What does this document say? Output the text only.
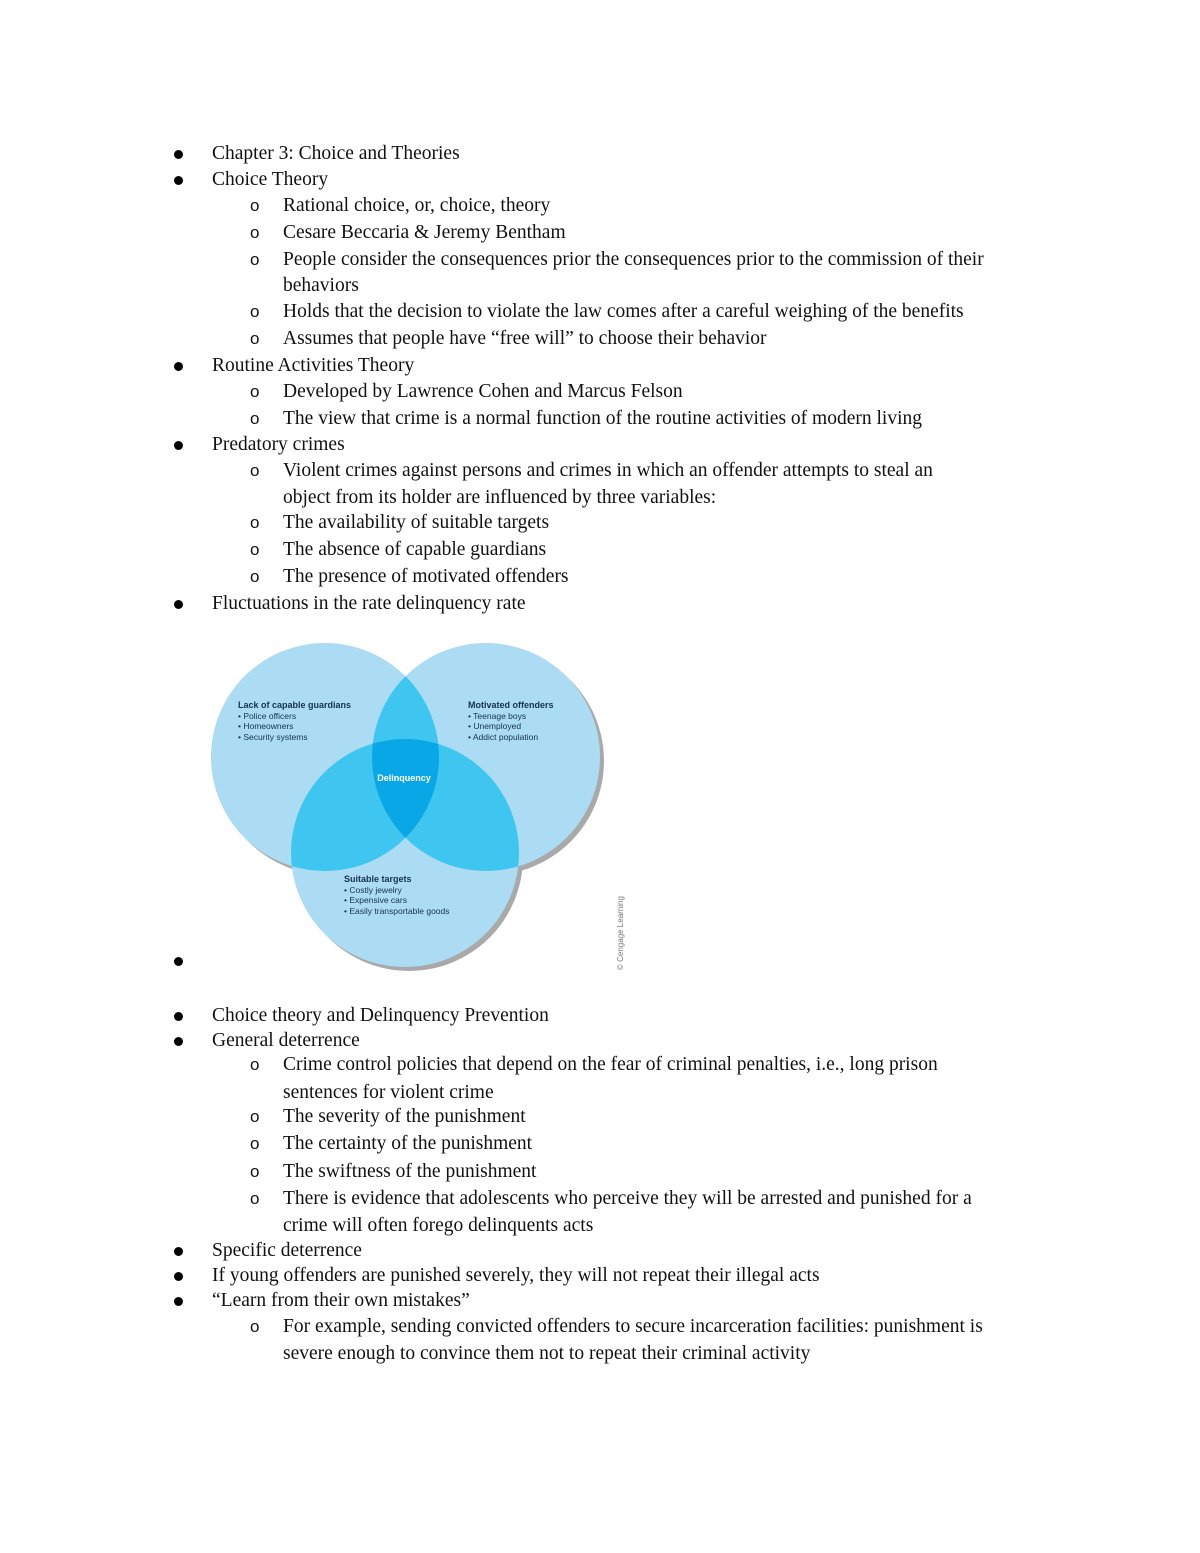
Chapter 3: Choice and Theories
Choice Theory
o Rational choice, or, choice, theory
o Cesare Beccaria & Jeremy Bentham
o People consider the consequences prior the consequences prior to the commission of their
behaviors
o Holds that the decision to violate the law comes after a careful weighing of the benefits
o Assumes that people have “free will” to choose their behavior
Routine Activities Theory
o Developed by Lawrence Cohen and Marcus Felson
o The view that crime is a normal function of the routine activities of modern living
Predatory crimes
o Violent crimes against persons and crimes in which an offender attempts to steal an
object from its holder are influenced by three variables:
o The availability of suitable targets
o The absence of capable guardians
o The presence of motivated offenders
Fluctuations in the rate delinquency rate
Lack of capable guardians
• Police officers
• Homeowners
• Security systems
Motivated offenders
• Teenage boys
• Unemployed
• Addict population
Suitable targets
• Costly jewelry
• Expensive cars
• Easily transportable goods
Delinquency
© Cengage Learning
Choice theory and Delinquency Prevention
General deterrence
o Crime control policies that depend on the fear of criminal penalties, i.e., long prison
sentences for violent crime
o The severity of the punishment
o The certainty of the punishment
o The swiftness of the punishment
o There is evidence that adolescents who perceive they will be arrested and punished for a
crime will often forego delinquents acts
Specific deterrence
If young offenders are punished severely, they will not repeat their illegal acts
“Learn from their own mistakes”
o For example, sending convicted offenders to secure incarceration facilities: punishment is
severe enough to convince them not to repeat their criminal activity
